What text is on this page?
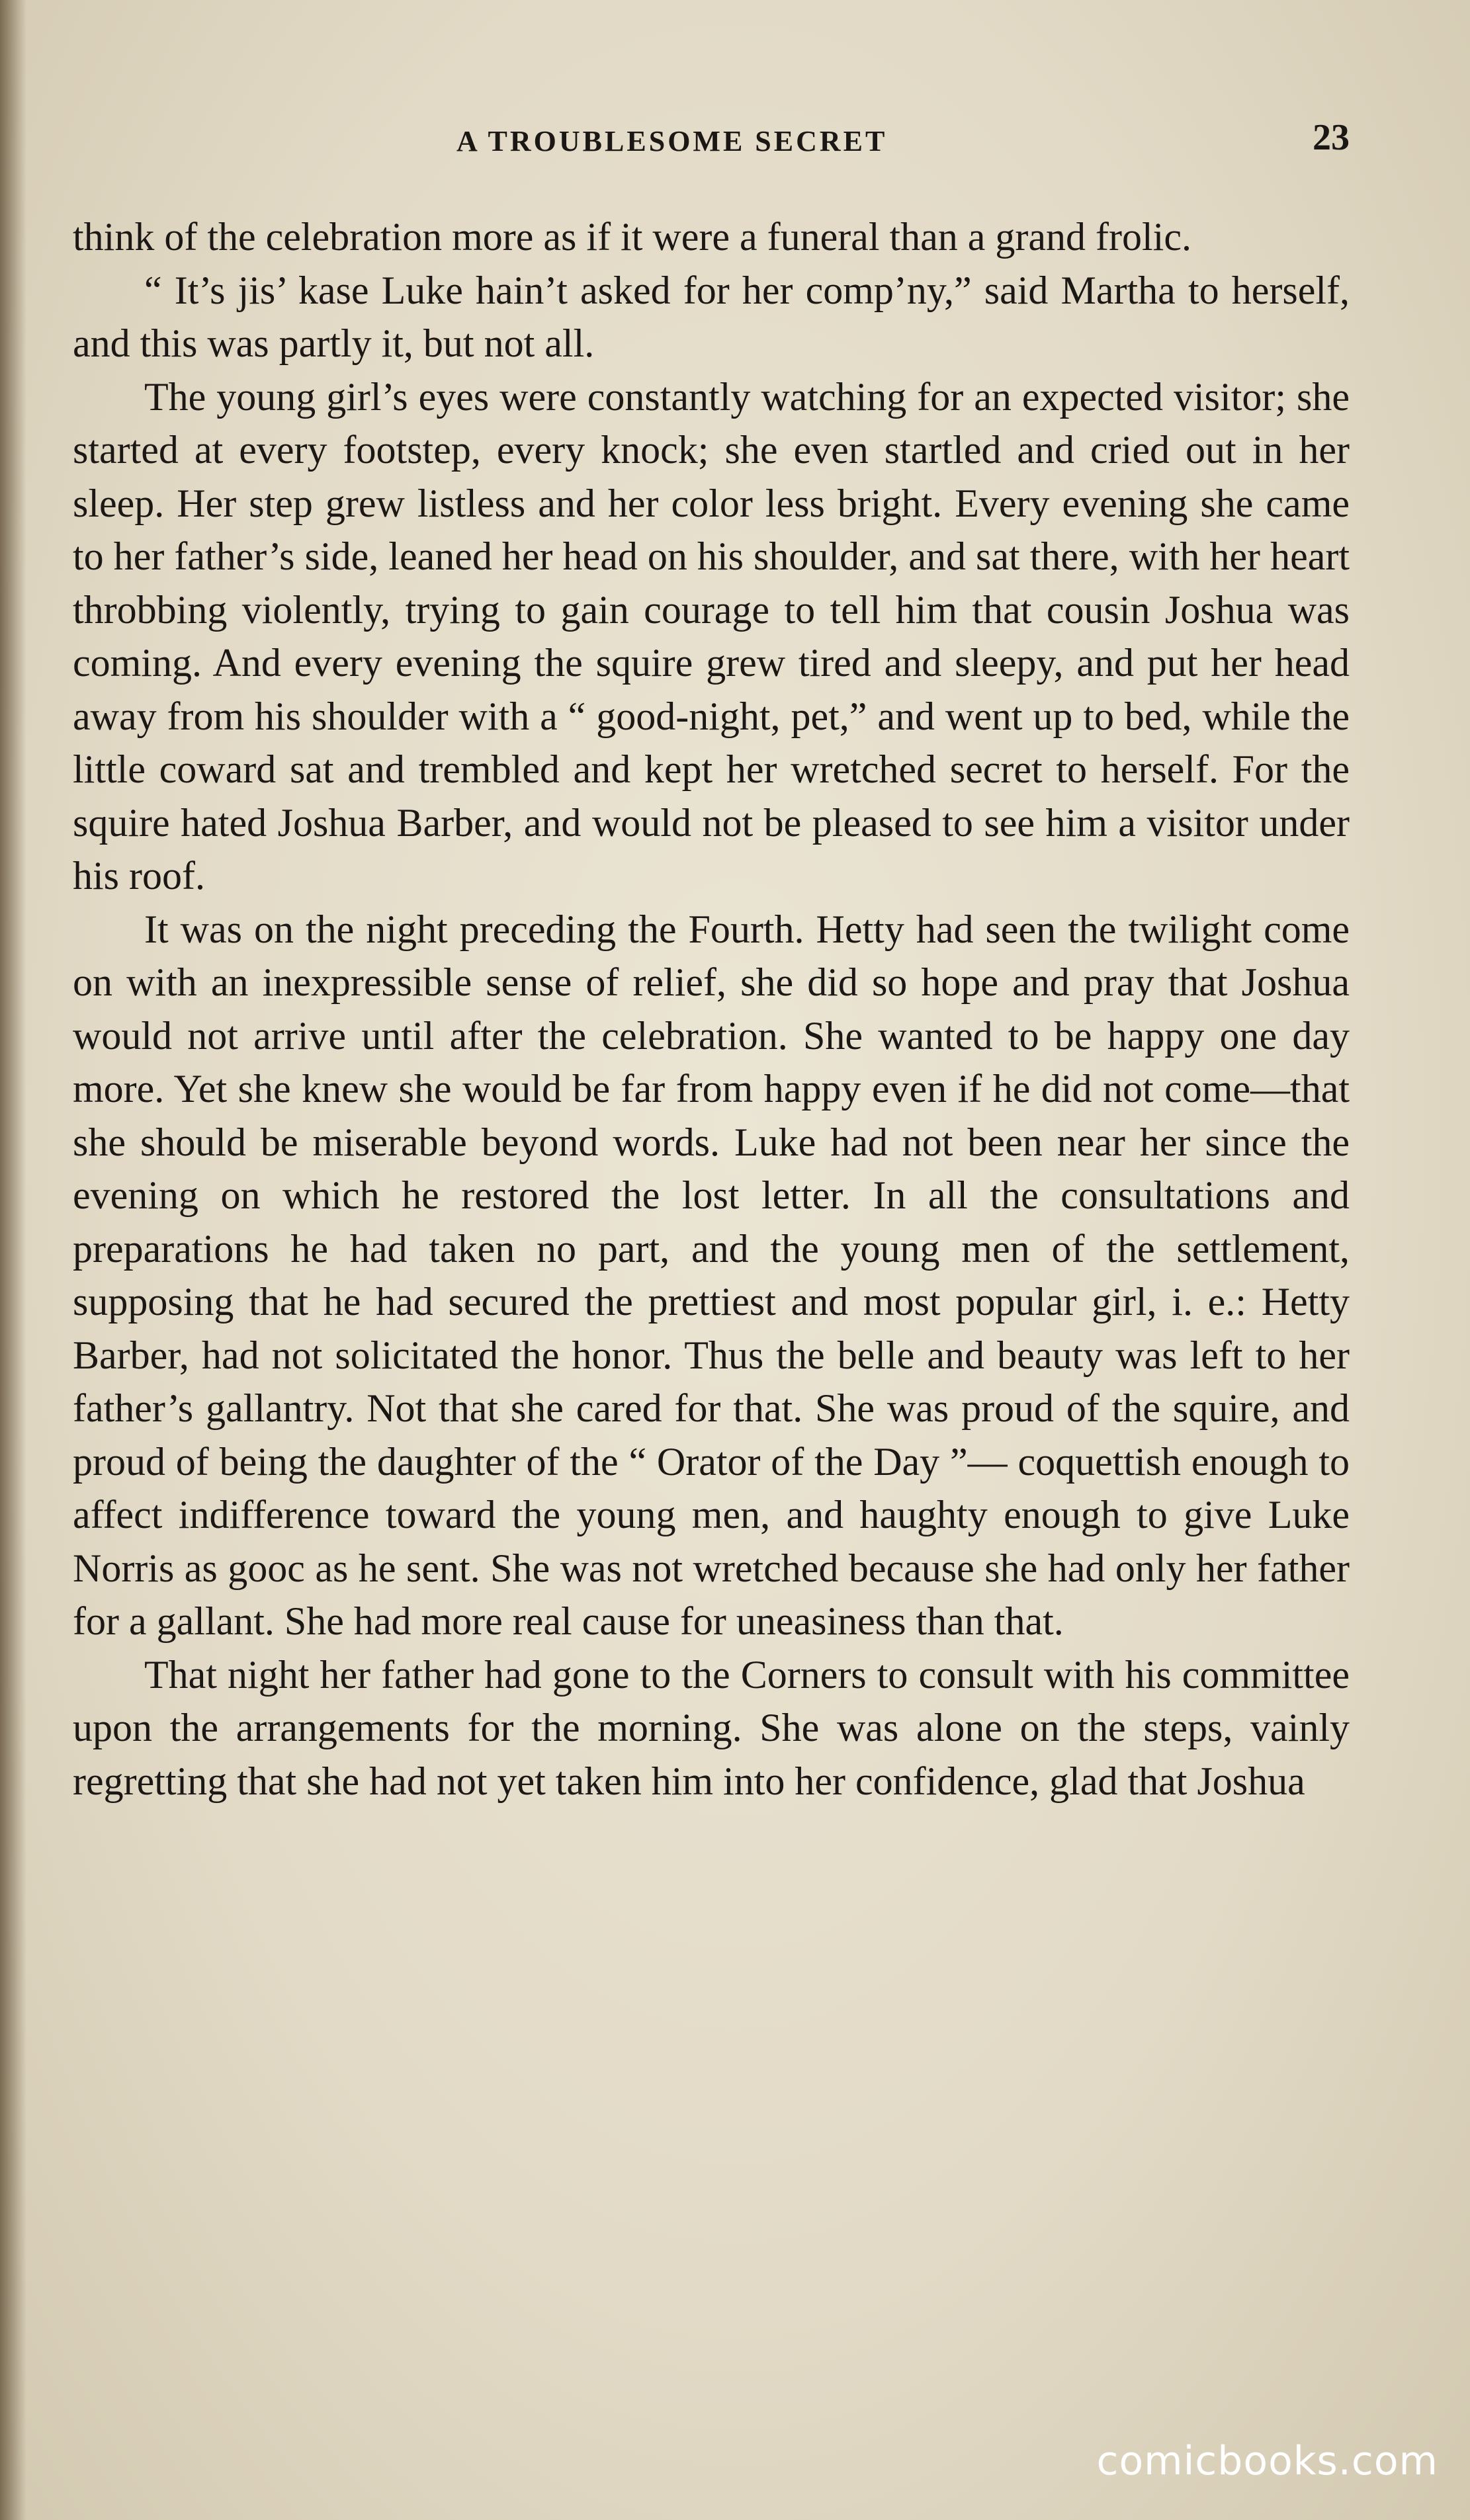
A TROUBLESOME SECRET	23

think of the celebration more as if it were a funeral than a grand frolic.

“ It’s jis’ kase Luke hain’t asked for her comp’ny,” said Martha to herself, and this was partly it, but not all.

The young girl’s eyes were constantly watching for an expected visitor; she started at every footstep, every knock; she even startled and cried out in her sleep. Her step grew listless and her color less bright. Every evening she came to her father’s side, leaned her head on his shoulder, and sat there, with her heart throbbing violently, trying to gain courage to tell him that cousin Joshua was coming. And every evening the squire grew tired and sleepy, and put her head away from his shoulder with a “ good-night, pet,” and went up to bed, while the little coward sat and trembled and kept her wretched secret to herself. For the squire hated Joshua Barber, and would not be pleased to see him a visitor under his roof.

It was on the night preceding the Fourth. Hetty had seen the twilight come on with an inexpressible sense of relief, she did so hope and pray that Joshua would not arrive until after the celebration. She wanted to be happy one day more. Yet she knew she would be far from happy even if he did not come—that she should be miserable beyond words. Luke had not been near her since the evening on which he restored the lost letter. In all the consultations and preparations he had taken no part, and the young men of the settlement, supposing that he had secured the prettiest and most popular girl, i. e.: Hetty Barber, had not solicitated the honor. Thus the belle and beauty was left to her father’s gallantry. Not that she cared for that. She was proud of the squire, and proud of being the daughter of the “ Orator of the Day ”— coquettish enough to affect indifference toward the young men, and haughty enough to give Luke Norris as gooc as he sent. She was not wretched because she had only her father for a gallant. She had more real cause for uneasiness than that.

That night her father had gone to the Corners to consult with his committee upon the arrangements for the morning. She was alone on the steps, vainly regretting that she had not yet taken him into her confidence, glad that Joshua

comicbooks.com
